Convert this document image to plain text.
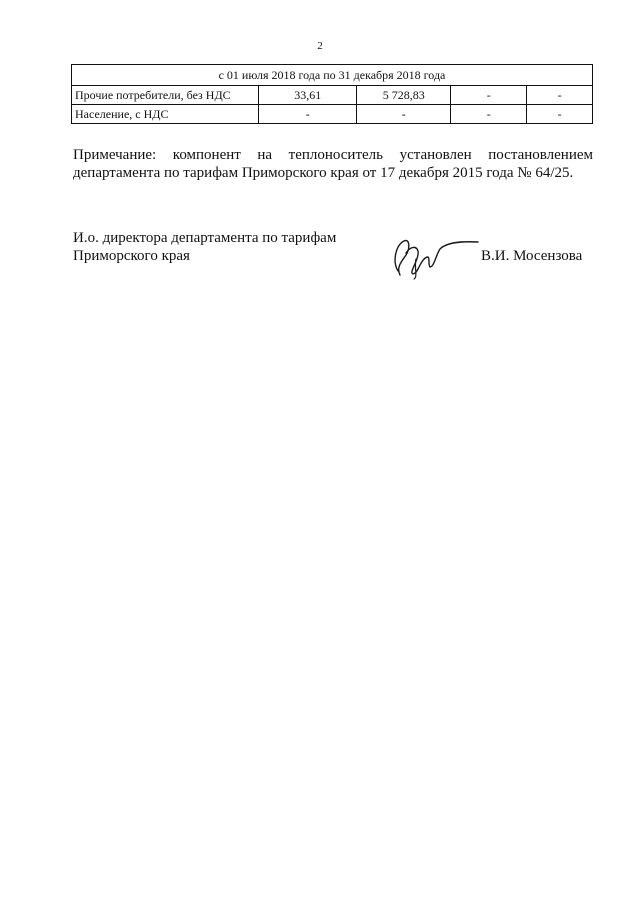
2
с 01 июля 2018 года по 31 декабря 2018 года				
Прочие потребители, без НДС	33,61	5 728,83	-	-
Население, с НДС	-	-	-	-
Примечание: компонент на теплоноситель установлен постановлением
департамента по тарифам Приморского края от 17 декабря 2015 года № 64/25.
И.о. директора департамента по тарифам
Приморского края	В.И. Мосензова
